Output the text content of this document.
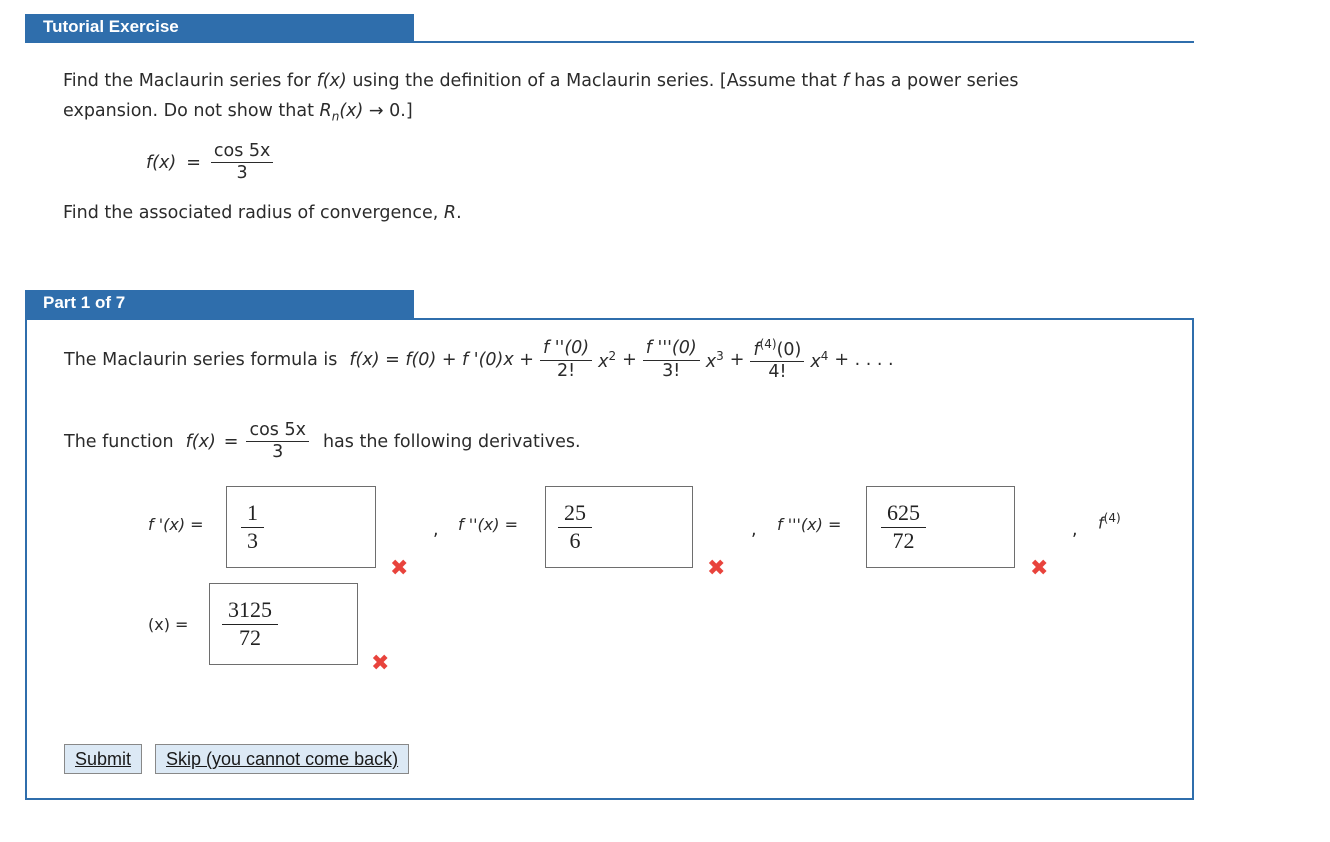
Tutorial Exercise
Find the Maclaurin series for f(x) using the definition of a Maclaurin series. [Assume that f has a power series
expansion. Do not show that $R_n(x) \to 0$.]
$f(x) = \frac{\cos 5x}{3}$
Find the associated radius of convergence, R.
Part 1 of 7
The Maclaurin series formula is f(x) = f(0) + f '$(0)x + \frac{f ''(0)}{2!} x^2 + \frac{f '''(0)}{3!} x^3 + \frac{f^{(4)}(0)}{4!} x^4$ + . . . .
The function $f(x) = \frac{\cos 5x}{3}$ has the following derivatives.
f '$(x) = \frac{1}{3}$
✖
, f ''$(x) = \frac{25}{6}$
✖
, f '''$(x) = \frac{625}{72}$
✖
, $f^{(4)}$
$(x) = \frac{3125}{72}$
✖
Submit	Skip (you cannot come back)
